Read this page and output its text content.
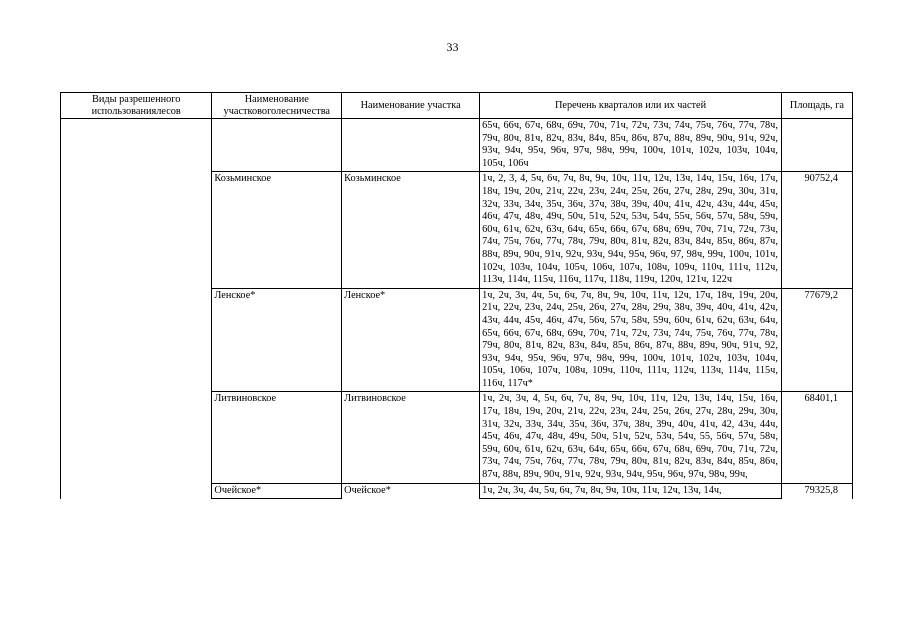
33
Виды разрешенного использованиялесов	Наименование участковоголесничества	Наименование участка	Перечень кварталов или их частей	Площадь, га
			65ч, 66ч, 67ч, 68ч, 69ч, 70ч, 71ч, 72ч, 73ч, 74ч, 75ч, 76ч, 77ч, 78ч, 79ч, 80ч, 81ч, 82ч, 83ч, 84ч, 85ч, 86ч, 87ч, 88ч, 89ч, 90ч, 91ч, 92ч, 93ч, 94ч, 95ч, 96ч, 97ч, 98ч, 99ч, 100ч, 101ч, 102ч, 103ч, 104ч, 105ч, 106ч	
	Козьминское	Козьминское	1ч, 2, 3, 4, 5ч, 6ч, 7ч, 8ч, 9ч, 10ч, 11ч, 12ч, 13ч, 14ч, 15ч, 16ч, 17ч, 18ч, 19ч, 20ч, 21ч, 22ч, 23ч, 24ч, 25ч, 26ч, 27ч, 28ч, 29ч, 30ч, 31ч, 32ч, 33ч, 34ч, 35ч, 36ч, 37ч, 38ч, 39ч, 40ч, 41ч, 42ч, 43ч, 44ч, 45ч, 46ч, 47ч, 48ч, 49ч, 50ч, 51ч, 52ч, 53ч, 54ч, 55ч, 56ч, 57ч, 58ч, 59ч, 60ч, 61ч, 62ч, 63ч, 64ч, 65ч, 66ч, 67ч, 68ч, 69ч, 70ч, 71ч, 72ч, 73ч, 74ч, 75ч, 76ч, 77ч, 78ч, 79ч, 80ч, 81ч, 82ч, 83ч, 84ч, 85ч, 86ч, 87ч, 88ч, 89ч, 90ч, 91ч, 92ч, 93ч, 94ч, 95ч, 96ч, 97, 98ч, 99ч, 100ч, 101ч, 102ч, 103ч, 104ч, 105ч, 106ч, 107ч, 108ч, 109ч, 110ч, 111ч, 112ч, 113ч, 114ч, 115ч, 116ч, 117ч, 118ч, 119ч, 120ч, 121ч, 122ч	90752,4
	Ленское*	Ленское*	1ч, 2ч, 3ч, 4ч, 5ч, 6ч, 7ч, 8ч, 9ч, 10ч, 11ч, 12ч, 17ч, 18ч, 19ч, 20ч, 21ч, 22ч, 23ч, 24ч, 25ч, 26ч, 27ч, 28ч, 29ч, 38ч, 39ч, 40ч, 41ч, 42ч, 43ч, 44ч, 45ч, 46ч, 47ч, 56ч, 57ч, 58ч, 59ч, 60ч, 61ч, 62ч, 63ч, 64ч, 65ч, 66ч, 67ч, 68ч, 69ч, 70ч, 71ч, 72ч, 73ч, 74ч, 75ч, 76ч, 77ч, 78ч, 79ч, 80ч, 81ч, 82ч, 83ч, 84ч, 85ч, 86ч, 87ч, 88ч, 89ч, 90ч, 91ч, 92, 93ч, 94ч, 95ч, 96ч, 97ч, 98ч, 99ч, 100ч, 101ч, 102ч, 103ч, 104ч, 105ч, 106ч, 107ч, 108ч, 109ч, 110ч, 111ч, 112ч, 113ч, 114ч, 115ч, 116ч, 117ч*	77679,2
	Литвиновское	Литвиновское	1ч, 2ч, 3ч, 4, 5ч, 6ч, 7ч, 8ч, 9ч, 10ч, 11ч, 12ч, 13ч, 14ч, 15ч, 16ч, 17ч, 18ч, 19ч, 20ч, 21ч, 22ч, 23ч, 24ч, 25ч, 26ч, 27ч, 28ч, 29ч, 30ч, 31ч, 32ч, 33ч, 34ч, 35ч, 36ч, 37ч, 38ч, 39ч, 40ч, 41ч, 42, 43ч, 44ч, 45ч, 46ч, 47ч, 48ч, 49ч, 50ч, 51ч, 52ч, 53ч, 54ч, 55, 56ч, 57ч, 58ч, 59ч, 60ч, 61ч, 62ч, 63ч, 64ч, 65ч, 66ч, 67ч, 68ч, 69ч, 70ч, 71ч, 72ч, 73ч, 74ч, 75ч, 76ч, 77ч, 78ч, 79ч, 80ч, 81ч, 82ч, 83ч, 84ч, 85ч, 86ч, 87ч, 88ч, 89ч, 90ч, 91ч, 92ч, 93ч, 94ч, 95ч, 96ч, 97ч, 98ч, 99ч,	68401,1
	Очейское*	Очейское*	1ч, 2ч, 3ч, 4ч, 5ч, 6ч, 7ч, 8ч, 9ч, 10ч, 11ч, 12ч, 13ч, 14ч,	79325,8
